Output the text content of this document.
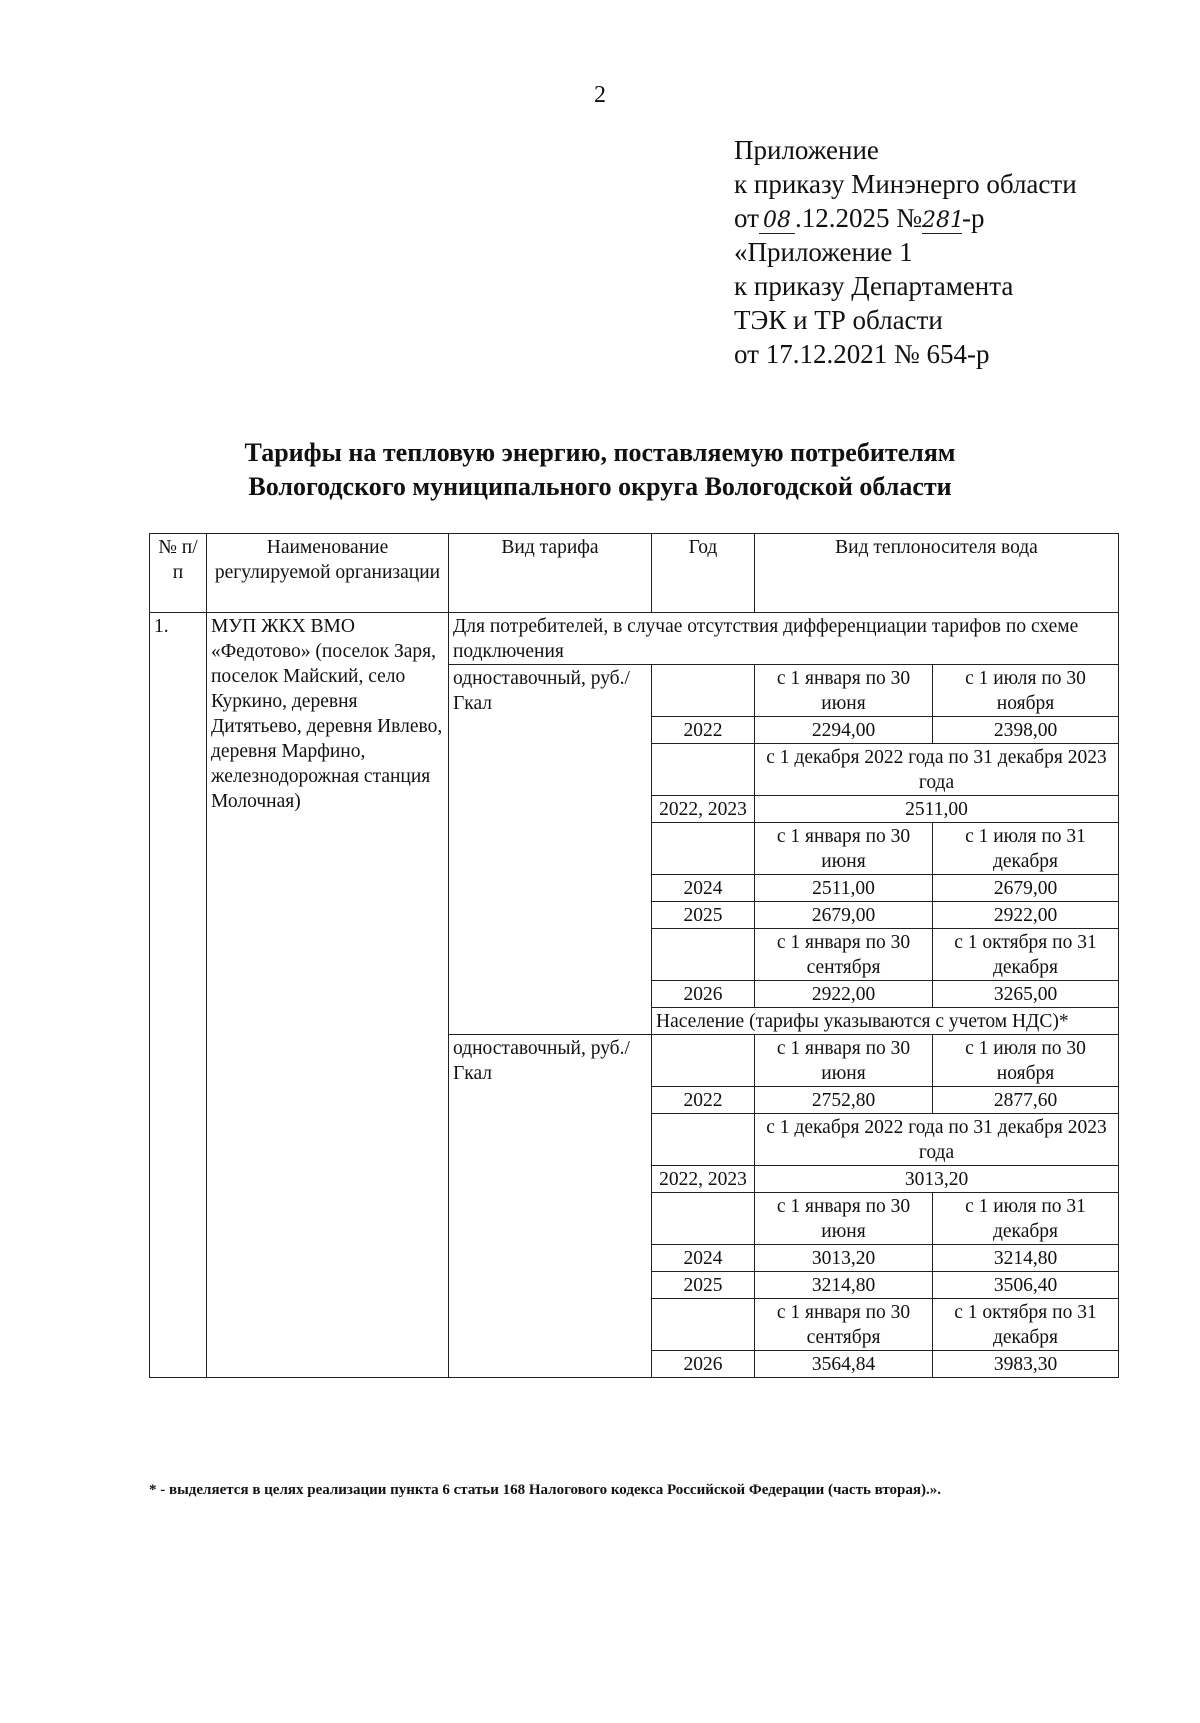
2
Приложение
к приказу Минэнерго области
от 08 .12.2025 №281-р
«Приложение 1
к приказу Департамента
ТЭК и ТР области
от 17.12.2021 № 654-р
Тарифы на тепловую энергию, поставляемую потребителям
Вологодского муниципального округа Вологодской области
№ п/п	Наименование регулируемой организации	Вид тарифа	Год	Вид теплоносителя вода	
1.	МУП ЖКХ ВМО «Федотово» (поселок Заря, поселок Майский, село Куркино, деревня Дитятьево, деревня Ивлево, деревня Марфино, железнодорожная станция Молочная)	Для потребителей, в случае отсутствия дифференциации тарифов по схеме подключения			
		одноставочный, руб./Гкал		с 1 января по 30 июня	с 1 июля по 30 ноября
			2022	2294,00	2398,00
				с 1 декабря 2022 года по 31 декабря 2023 года	
			2022, 2023	2511,00	
				с 1 января по 30 июня	с 1 июля по 31 декабря
			2024	2511,00	2679,00
			2025	2679,00	2922,00
				с 1 января по 30 сентября	с 1 октября по 31 декабря
			2026	2922,00	3265,00
			Население (тарифы указываются с учетом НДС)*		
		одноставочный, руб./Гкал		с 1 января по 30 июня	с 1 июля по 30 ноября
			2022	2752,80	2877,60
				с 1 декабря 2022 года по 31 декабря 2023 года	
			2022, 2023	3013,20	
				с 1 января по 30 июня	с 1 июля по 31 декабря
			2024	3013,20	3214,80
			2025	3214,80	3506,40
				с 1 января по 30 сентября	с 1 октября по 31 декабря
			2026	3564,84	3983,30
* - выделяется в целях реализации пункта 6 статьи 168 Налогового кодекса Российской Федерации (часть вторая).».
